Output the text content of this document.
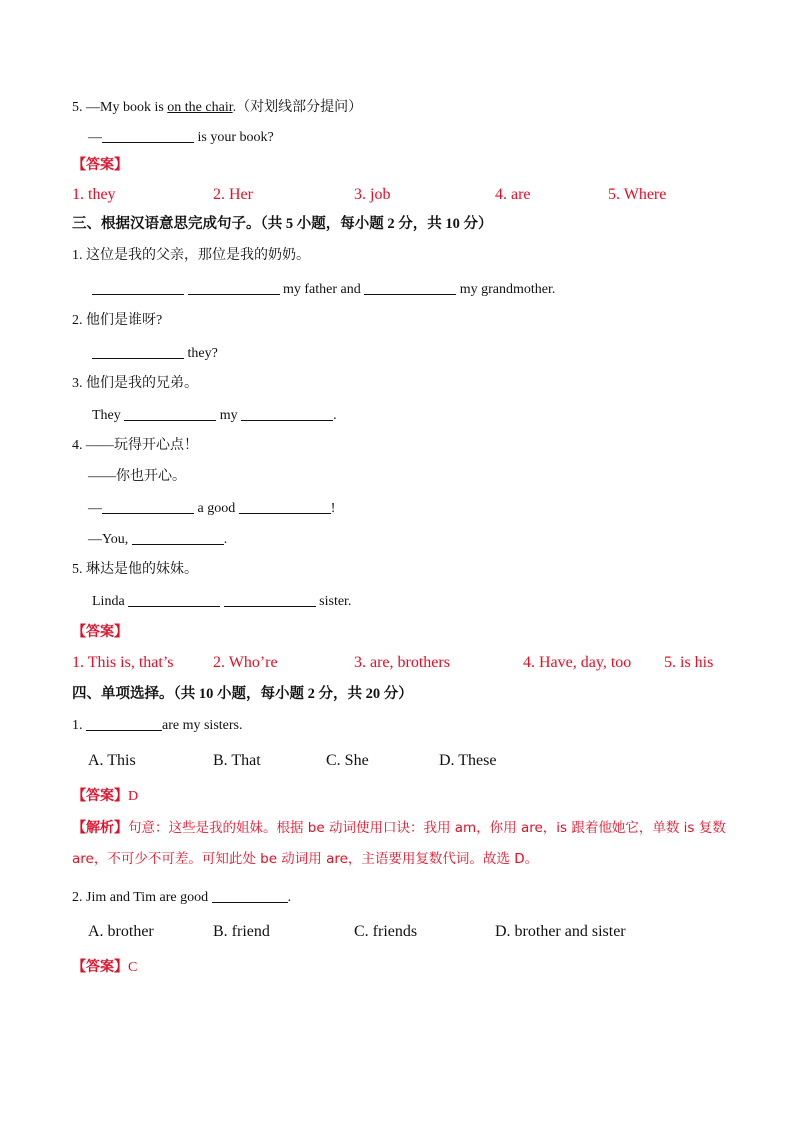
5. —My book is on the chair.（对划线部分提问）
—	is your book?
【答案】
1. they	2. Her	3. job	4. are	5. Where
三、根据汉语意思完成句子。（共 5 小题，每小题 2 分，共 10 分）
1. 这位是我的父亲，那位是我的奶奶。
my father and	my grandmother.
2. 他们是谁呀?
they?
3. 他们是我的兄弟。
They	my	.
4. ——玩得开心点！
——你也开心。
—	a good	!
—You,	.
5. 琳达是他的妹妹。
Linda	sister.
【答案】
1. This is, that’s 2. Who’re	3. are, brothers	4. Have, day, too 5. is his
四、单项选择。（共 10 小题，每小题 2 分，共 20 分）
1.	are my sisters.
A. This	B. That	C. She	D. These
【答案】D
【解析】句意：这些是我的姐妹。根据 be 动词使用口诀：我用 am，你用 are，is 跟着他她它，单数 is 复数
are，不可少不可差。可知此处 be 动词用 are，主语要用复数代词。故选 D。
2. Jim and Tim are good	.
A. brother	B. friend	C. friends	D. brother and sister
【答案】C
